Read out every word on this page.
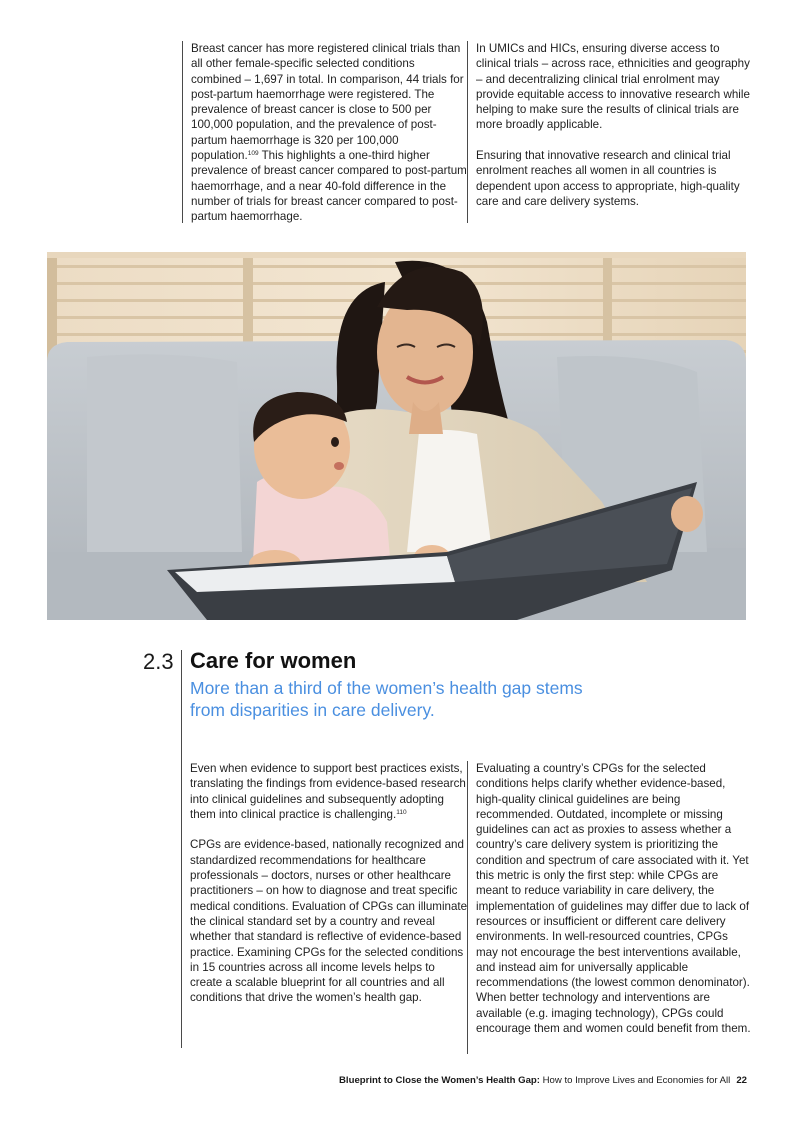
Breast cancer has more registered clinical trials than all other female-specific selected conditions combined – 1,697 in total. In comparison, 44 trials for post-partum haemorrhage were registered. The prevalence of breast cancer is close to 500 per 100,000 population, and the prevalence of post-partum haemorrhage is 320 per 100,000 population.$^{109}$ This highlights a one-third higher prevalence of breast cancer compared to post-partum haemorrhage, and a near 40-fold difference in the number of trials for breast cancer compared to post-partum haemorrhage.

In UMICs and HICs, ensuring diverse access to clinical trials – across race, ethnicities and geography – and decentralizing clinical trial enrolment may provide equitable access to innovative research while helping to make sure the results of clinical trials are more broadly applicable.

Ensuring that innovative research and clinical trial enrolment reaches all women in all countries is dependent upon access to appropriate, high-quality care and care delivery systems.

2.3 Care for women
More than a third of the women’s health gap stems from disparities in care delivery.

Even when evidence to support best practices exists, translating the findings from evidence-based research into clinical guidelines and subsequently adopting them into clinical practice is challenging.$^{110}$

CPGs are evidence-based, nationally recognized and standardized recommendations for healthcare professionals – doctors, nurses or other healthcare practitioners – on how to diagnose and treat specific medical conditions. Evaluation of CPGs can illuminate the clinical standard set by a country and reveal whether that standard is reflective of evidence-based practice. Examining CPGs for the selected conditions in 15 countries across all income levels helps to create a scalable blueprint for all countries and all conditions that drive the women’s health gap.

Evaluating a country’s CPGs for the selected conditions helps clarify whether evidence-based, high-quality clinical guidelines are being recommended. Outdated, incomplete or missing guidelines can act as proxies to assess whether a country’s care delivery system is prioritizing the condition and spectrum of care associated with it. Yet this metric is only the first step: while CPGs are meant to reduce variability in care delivery, the implementation of guidelines may differ due to lack of resources or insufficient or different care delivery environments. In well-resourced countries, CPGs may not encourage the best interventions available, and instead aim for universally applicable recommendations (the lowest common denominator). When better technology and interventions are available (e.g. imaging technology), CPGs could encourage them and women could benefit from them.

Blueprint to Close the Women’s Health Gap: How to Improve Lives and Economies for All 22
